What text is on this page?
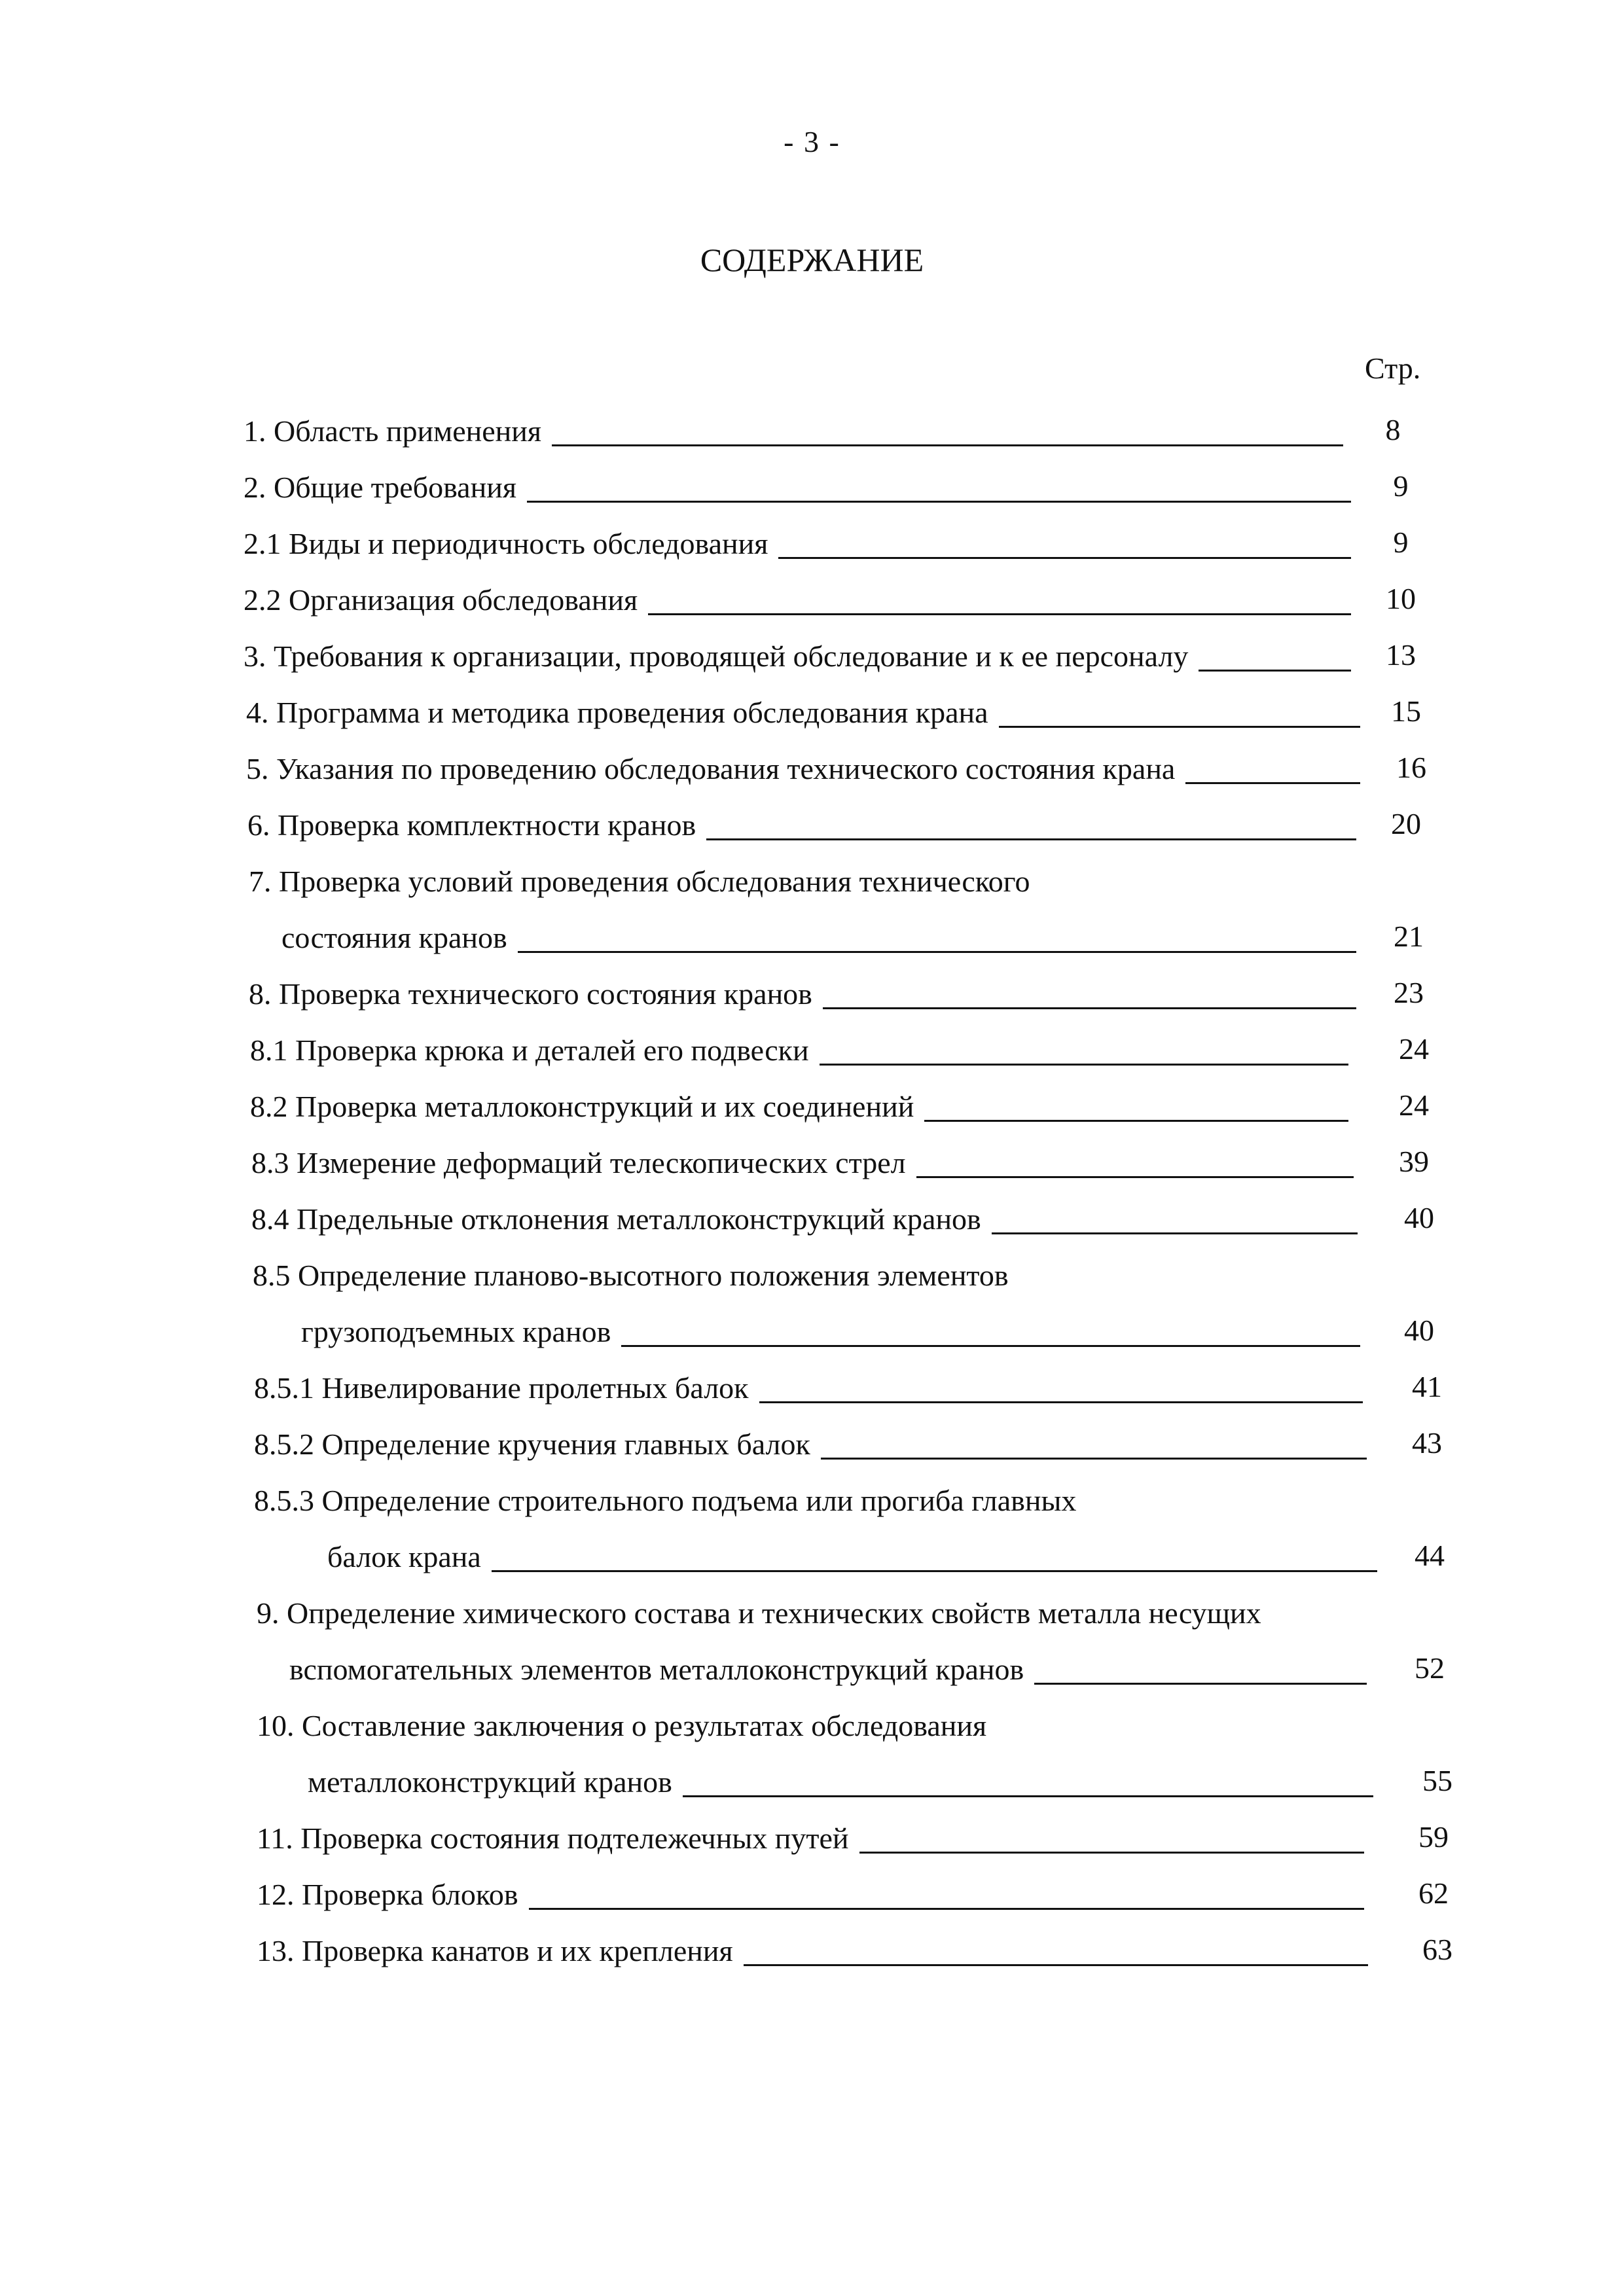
- 3 -
СОДЕРЖАНИЕ
Стр.
1. Область применения	8
2. Общие требования	9
2.1 Виды и периодичность обследования	9
2.2 Организация обследования	10
3. Требования к организации, проводящей обследование и к ее персоналу	13
4. Программа и методика проведения обследования крана	15
5. Указания по проведению обследования технического состояния крана	16
6. Проверка комплектности кранов	20
7. Проверка условий проведения обследования технического
состояния кранов	21
8. Проверка технического состояния кранов	23
8.1 Проверка крюка и деталей его подвески	24
8.2 Проверка металлоконструкций и их соединений	24
8.3 Измерение деформаций телескопических стрел	39
8.4 Предельные отклонения металлоконструкций кранов	40
8.5 Определение планово-высотного положения элементов
грузоподъемных кранов	40
8.5.1 Нивелирование пролетных балок	41
8.5.2 Определение кручения главных балок	43
8.5.3 Определение строительного подъема или прогиба главных
балок крана	44
9. Определение химического состава и технических свойств металла несущих
вспомогательных элементов металлоконструкций кранов	52
10. Составление заключения о результатах обследования
металлоконструкций кранов	55
11. Проверка состояния подтележечных путей	59
12. Проверка блоков	62
13. Проверка канатов и их крепления	63
